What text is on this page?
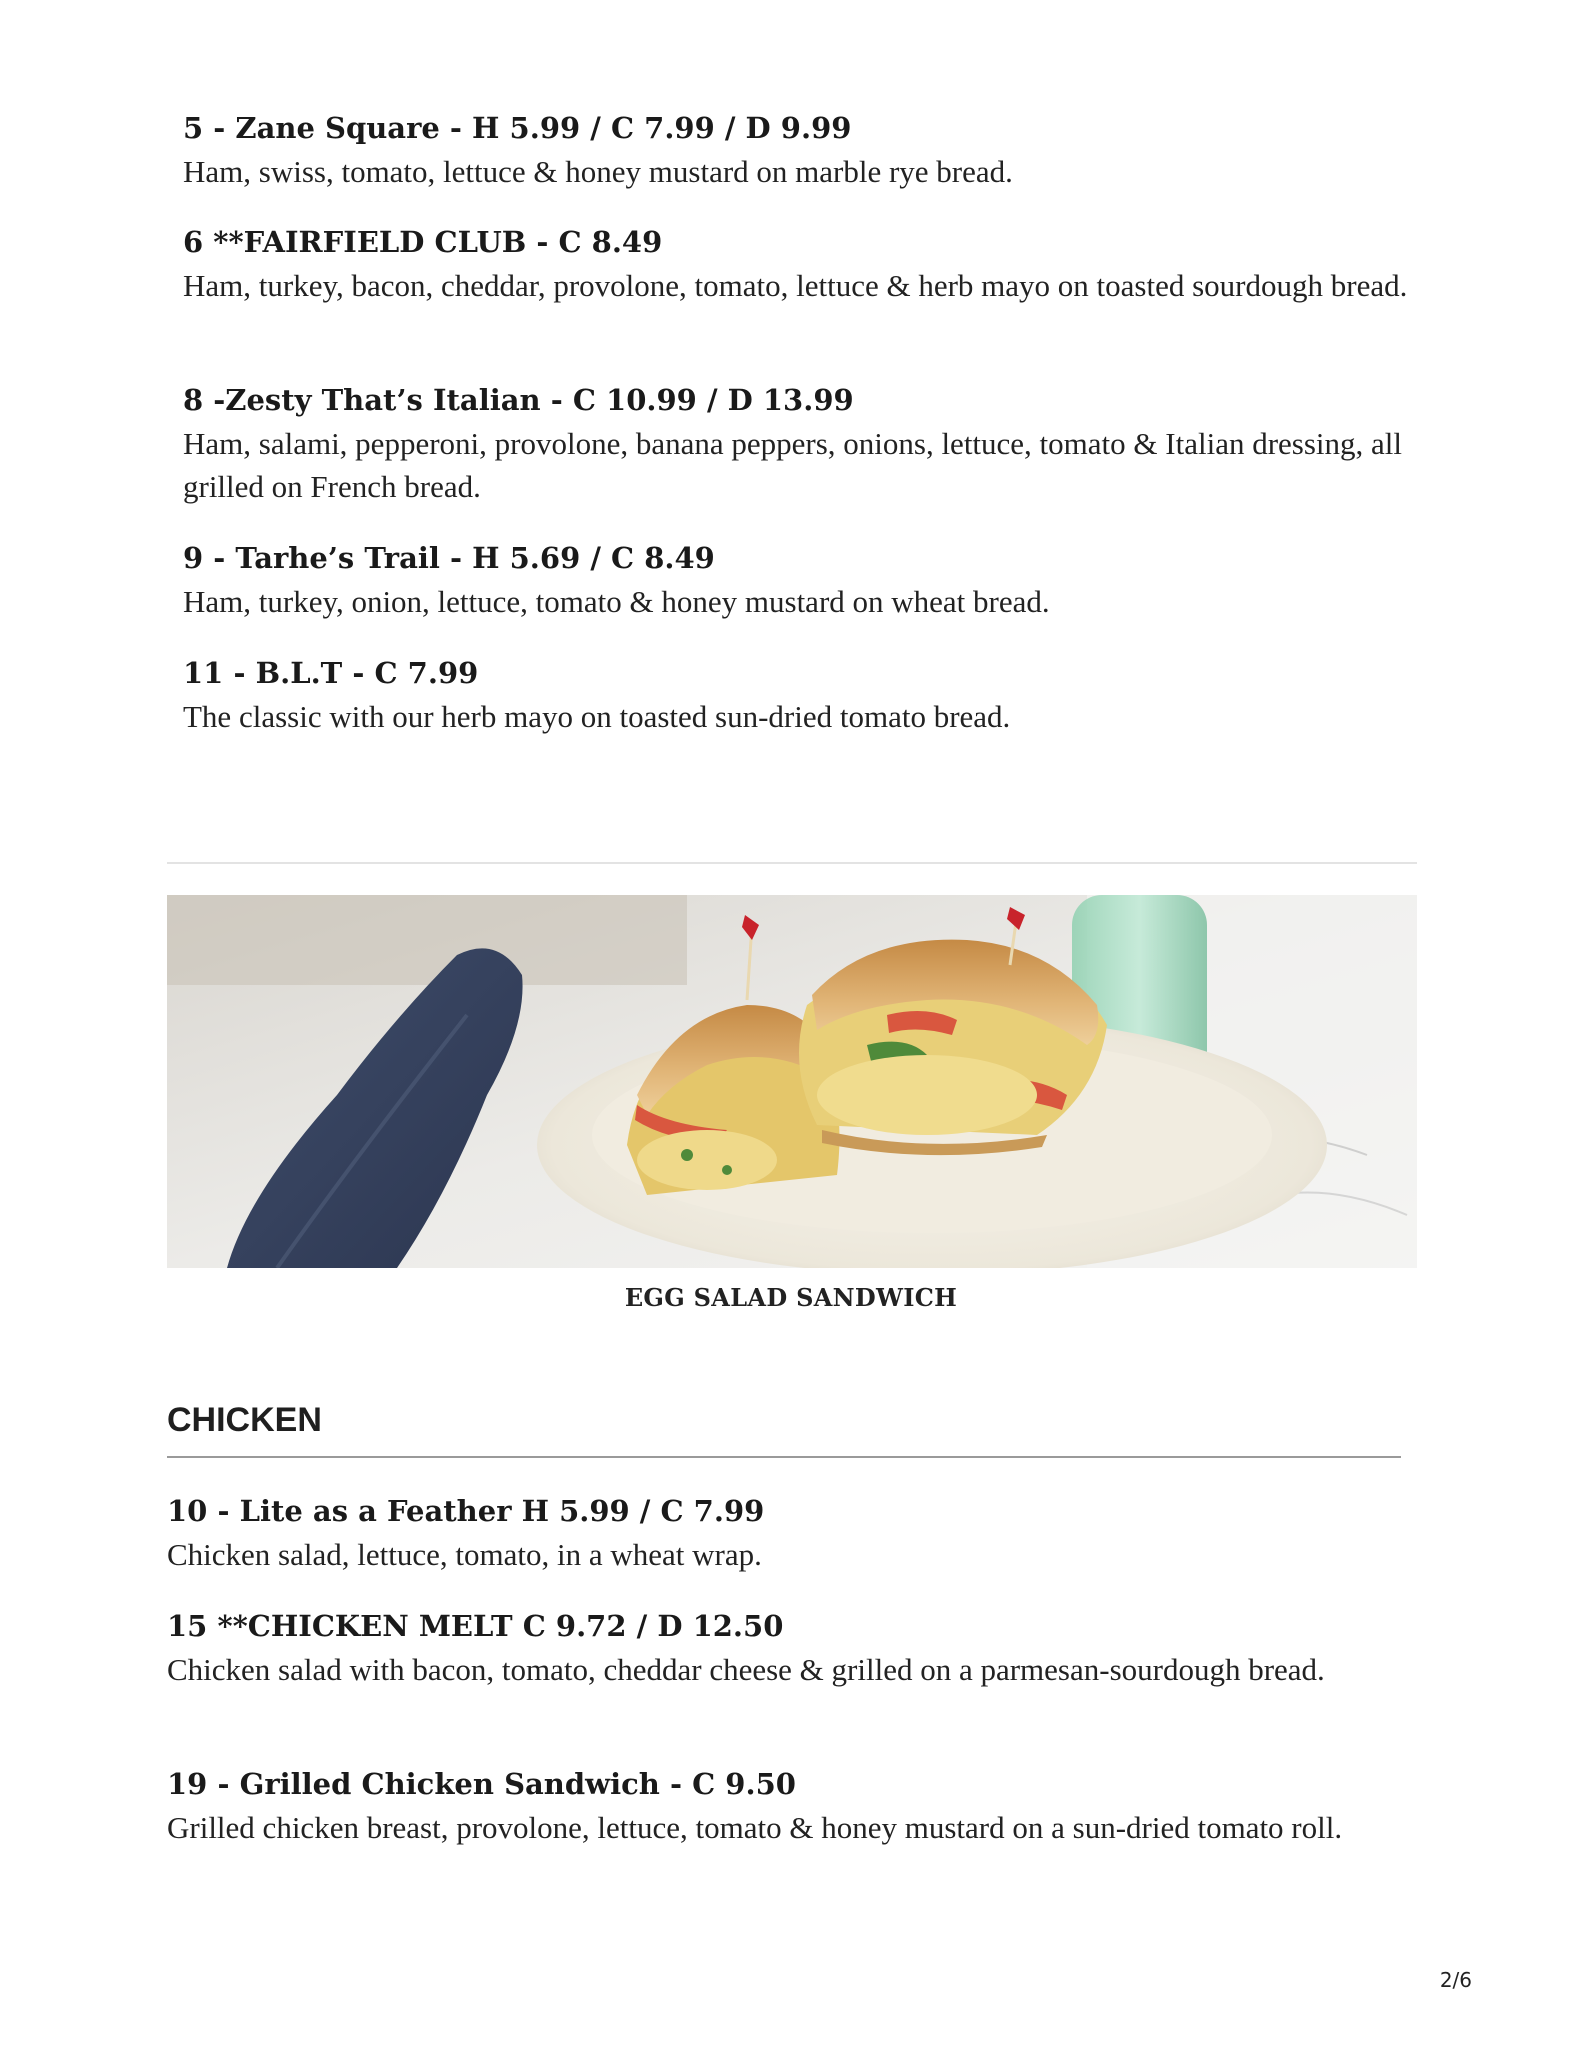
5 - Zane Square - H 5.99 / C 7.99 / D 9.99

Ham, swiss, tomato, lettuce & honey mustard on marble rye bread.

6 **FAIRFIELD CLUB - C 8.49

Ham, turkey, bacon, cheddar, provolone, tomato, lettuce & herb mayo on toasted sourdough bread.

8 -Zesty That’s Italian - C 10.99 / D 13.99

Ham, salami, pepperoni, provolone, banana peppers, onions, lettuce, tomato & Italian dressing, all grilled on French bread.

9 - Tarhe’s Trail - H 5.69 / C 8.49

Ham, turkey, onion, lettuce, tomato & honey mustard on wheat bread.

11 - B.L.T - C 7.99

The classic with our herb mayo on toasted sun-dried tomato bread.

EGG SALAD SANDWICH
CHICKEN
10 - Lite as a Feather H 5.99 / C 7.99

Chicken salad, lettuce, tomato, in a wheat wrap.

15 **CHICKEN MELT C 9.72 / D 12.50

Chicken salad with bacon, tomato, cheddar cheese & grilled on a parmesan-sourdough bread.

19 - Grilled Chicken Sandwich - C 9.50

Grilled chicken breast, provolone, lettuce, tomato & honey mustard on a sun-dried tomato roll.

2/6
